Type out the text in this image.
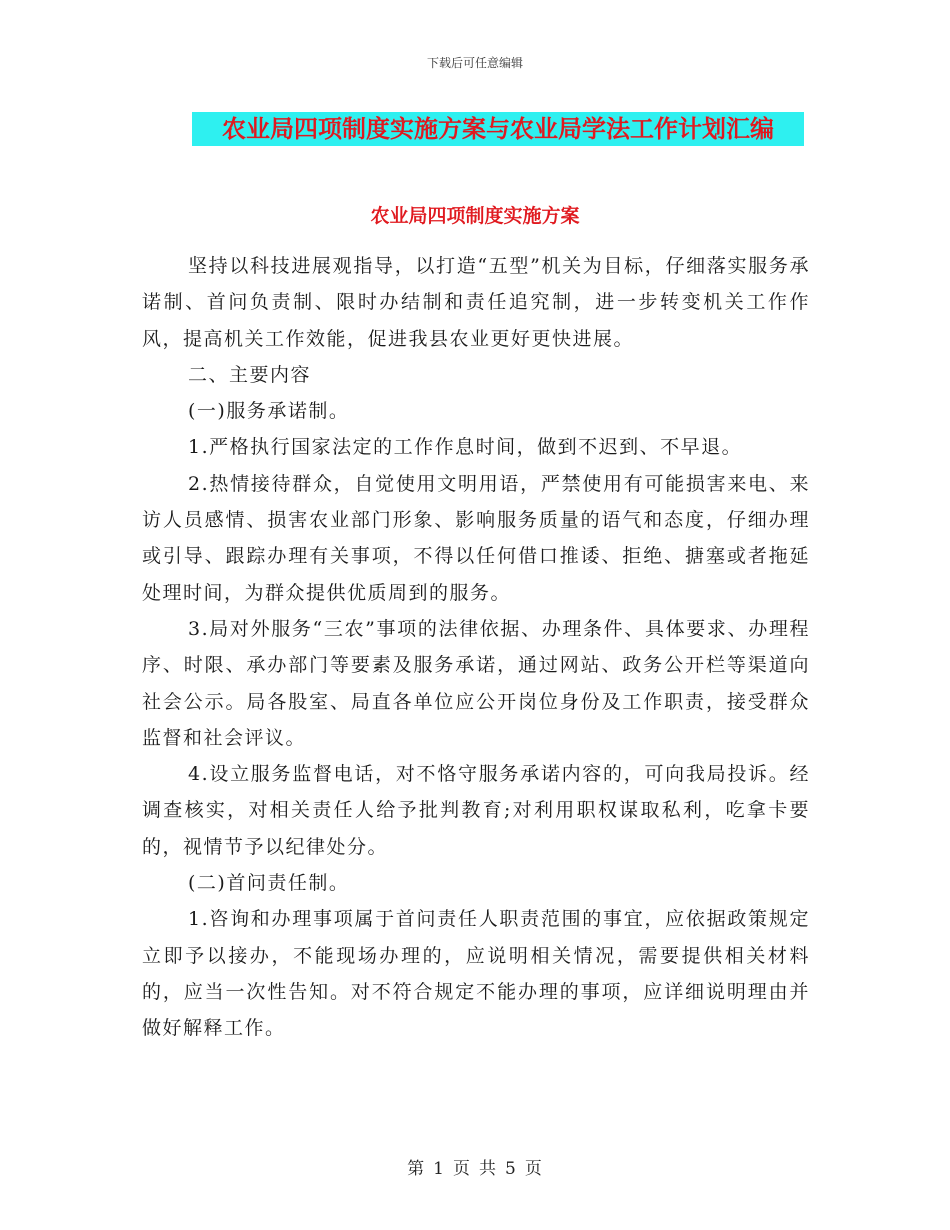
下载后可任意编辑
农业局四项制度实施方案与农业局学法工作计划汇编
农业局四项制度实施方案

坚持以科技进展观指导，以打造“五型”机关为目标，仔细落实服务承诺制、首问负责制、限时办结制和责任追究制，进一步转变机关工作作风，提高机关工作效能，促进我县农业更好更快进展。

二、主要内容

(一)服务承诺制。

1.严格执行国家法定的工作作息时间，做到不迟到、不早退。

2.热情接待群众，自觉使用文明用语，严禁使用有可能损害来电、来访人员感情、损害农业部门形象、影响服务质量的语气和态度，仔细办理或引导、跟踪办理有关事项，不得以任何借口推诿、拒绝、搪塞或者拖延处理时间，为群众提供优质周到的服务。

3.局对外服务“三农”事项的法律依据、办理条件、具体要求、办理程序、时限、承办部门等要素及服务承诺，通过网站、政务公开栏等渠道向社会公示。局各股室、局直各单位应公开岗位身份及工作职责，接受群众监督和社会评议。

4.设立服务监督电话，对不恪守服务承诺内容的，可向我局投诉。经调查核实，对相关责任人给予批判教育;对利用职权谋取私利，吃拿卡要的，视情节予以纪律处分。

(二)首问责任制。

1.咨询和办理事项属于首问责任人职责范围的事宜，应依据政策规定立即予以接办，不能现场办理的，应说明相关情况，需要提供相关材料的，应当一次性告知。对不符合规定不能办理的事项，应详细说明理由并做好解释工作。

第 1 页 共 5 页
